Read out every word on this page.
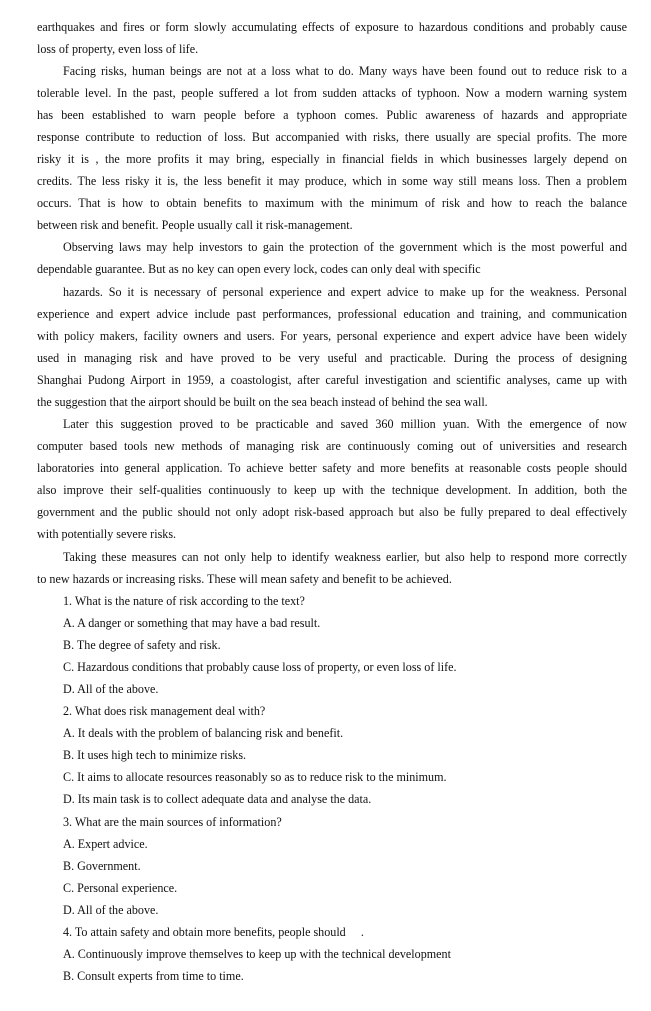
earthquakes and fires or form slowly accumulating effects of exposure to hazardous conditions and probably cause
loss of property, even loss of life.
Facing risks, human beings are not at a loss what to do. Many ways have been found out to reduce risk to a
tolerable level. In the past, people suffered a lot from sudden attacks of typhoon. Now a modern warning system
has been established to warn people before a typhoon comes. Public awareness of hazards and appropriate
response contribute to reduction of loss. But accompanied with risks, there usually are special profits. The more
risky it is , the more profits it may bring, especially in financial fields in which businesses largely depend on
credits. The less risky it is, the less benefit it may produce, which in some way still means loss. Then a problem
occurs. That is how to obtain benefits to maximum with the minimum of risk and how to reach the balance
between risk and benefit. People usually call it risk-management.
Observing laws may help investors to gain the protection of the government which is the most powerful and
dependable guarantee. But as no key can open every lock, codes can only deal with specific
hazards. So it is necessary of personal experience and expert advice to make up for the weakness. Personal
experience and expert advice include past performances, professional education and training, and communication
with policy makers, facility owners and users. For years, personal experience and expert advice have been widely
used in managing risk and have proved to be very useful and practicable. During the process of designing
Shanghai Pudong Airport in 1959, a coastologist, after careful investigation and scientific analyses, came up with
the suggestion that the airport should be built on the sea beach instead of behind the sea wall.
Later this suggestion proved to be practicable and saved 360 million yuan. With the emergence of now
computer based tools new methods of managing risk are continuously coming out of universities and research
laboratories into general application. To achieve better safety and more benefits at reasonable costs people should
also improve their self-qualities continuously to keep up with the technique development. In addition, both the
government and the public should not only adopt risk-based approach but also be fully prepared to deal effectively
with potentially severe risks.
Taking these measures can not only help to identify weakness earlier, but also help to respond more correctly
to new hazards or increasing risks. These will mean safety and benefit to be achieved.
1. What is the nature of risk according to the text?
A. A danger or something that may have a bad result.
B. The degree of safety and risk.
C. Hazardous conditions that probably cause loss of property, or even loss of life.
D. All of the above.
2. What does risk management deal with?
A. It deals with the problem of balancing risk and benefit.
B. It uses high tech to minimize risks.
C. It aims to allocate resources reasonably so as to reduce risk to the minimum.
D. Its main task is to collect adequate data and analyse the data.
3. What are the main sources of information?
A. Expert advice.
B. Government.
C. Personal experience.
D. All of the above.
4. To attain safety and obtain more benefits, people should     .
A. Continuously improve themselves to keep up with the technical development
B. Consult experts from time to time.
